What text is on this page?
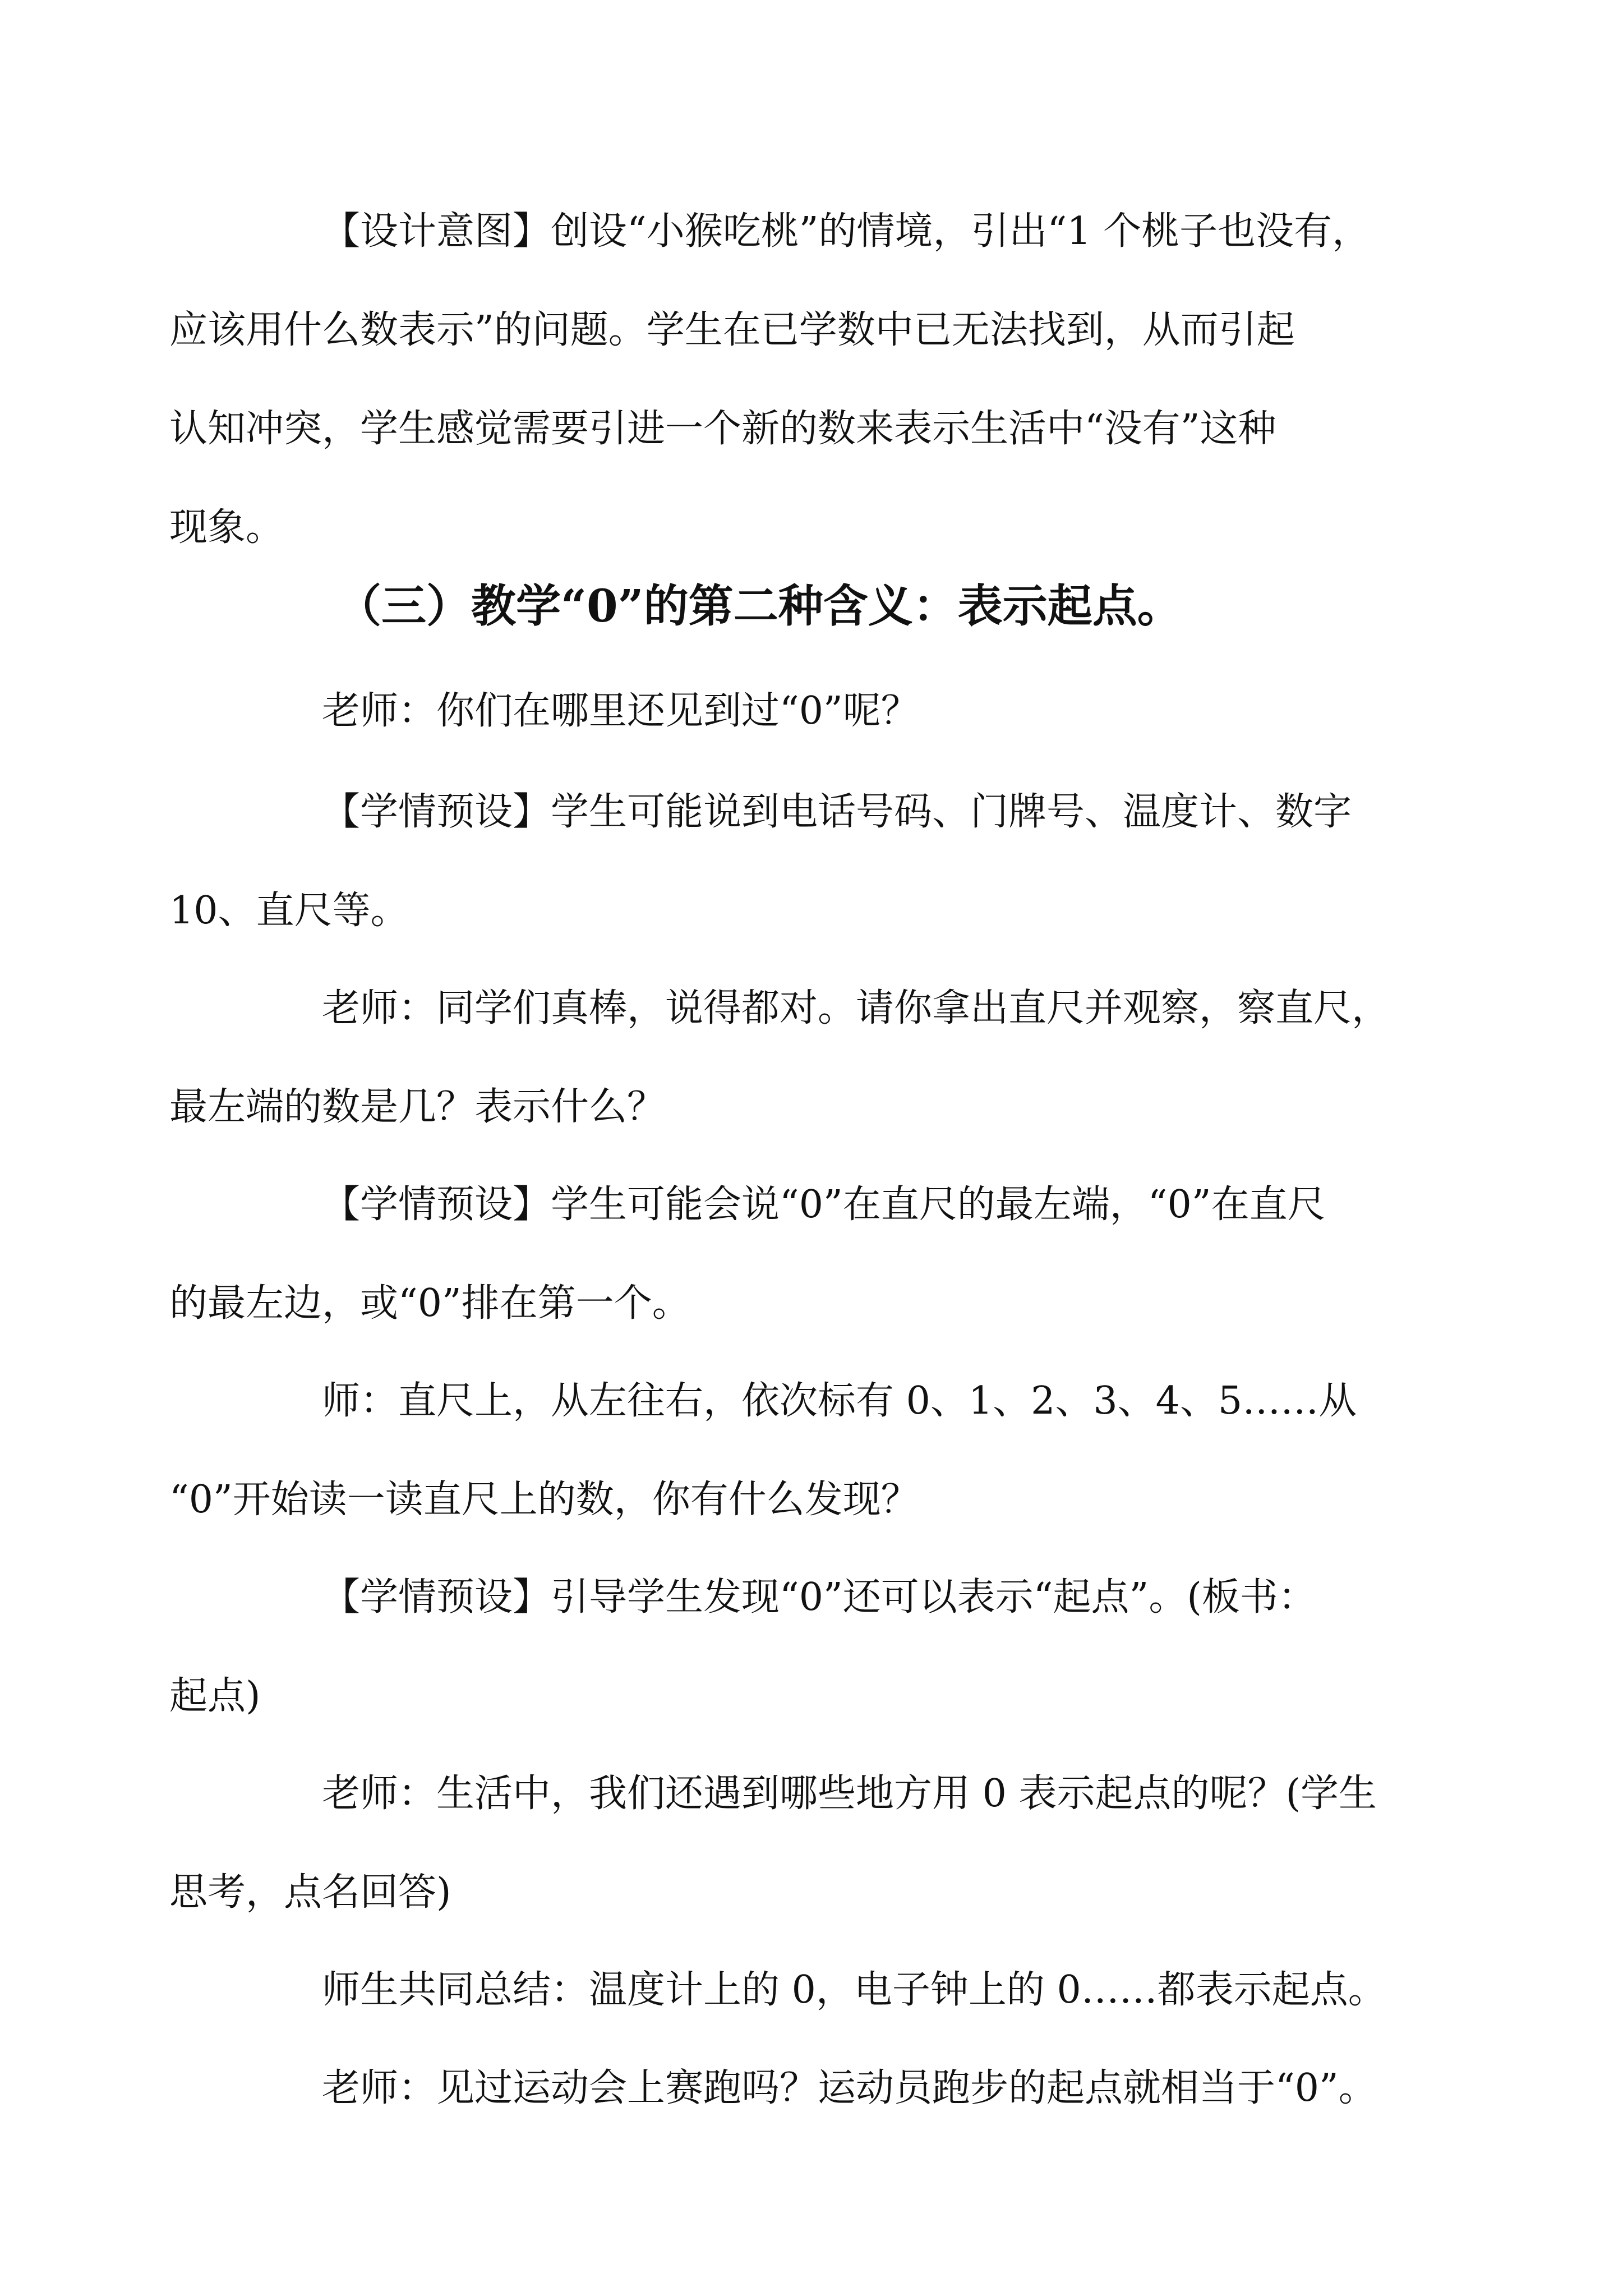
【设计意图】创设“小猴吃桃”的情境，引出“1 个桃子也没有，
应该用什么数表示”的问题。学生在已学数中已无法找到，从而引起
认知冲突，学生感觉需要引进一个新的数来表示生活中“没有”这种
现象。
（三）教学“0”的第二种含义：表示起点。
老师：你们在哪里还见到过“0”呢？
【学情预设】学生可能说到电话号码、门牌号、温度计、数字
10、直尺等。
老师：同学们真棒，说得都对。请你拿出直尺并观察，察直尺，
最左端的数是几？表示什么？
【学情预设】学生可能会说“0”在直尺的最左端，“0”在直尺
的最左边，或“0”排在第一个。
师：直尺上，从左往右，依次标有 0、1、2、3、4、5……从
“0”开始读一读直尺上的数，你有什么发现？
【学情预设】引导学生发现“0”还可以表示“起点”。(板书：
起点)
老师：生活中，我们还遇到哪些地方用 0 表示起点的呢？(学生
思考，点名回答)
师生共同总结：温度计上的 0，电子钟上的 0……都表示起点。
老师：见过运动会上赛跑吗？运动员跑步的起点就相当于“0”。
